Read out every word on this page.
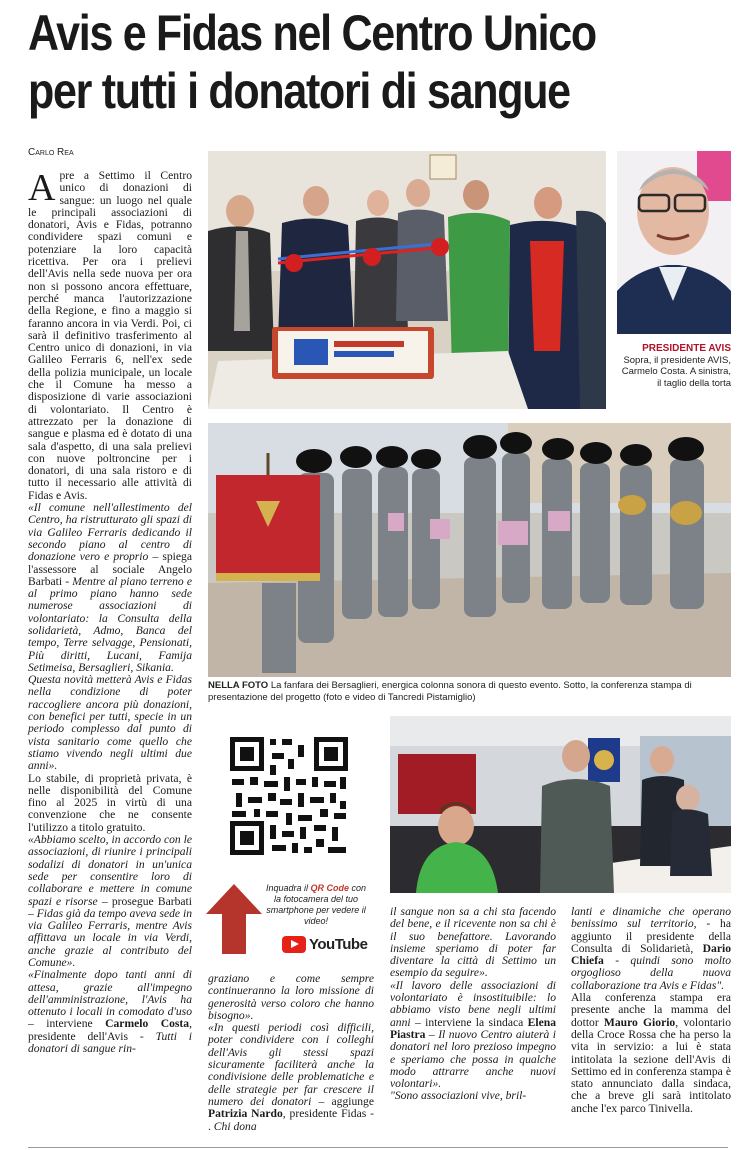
Avis e Fidas nel Centro Unico
per tutti i donatori di sangue
Carlo Rea
PRESIDENTE AVIS
Sopra, il presidente AVIS, Carmelo Costa. A sinistra, il taglio della torta
NELLA FOTO La fanfara dei Bersaglieri, energica colonna sonora di questo evento. Sotto, la conferenza stampa di presentazione del progetto (foto e video di Tancredi Pistamiglio)
Inquadra il QR Code con la fotocamera del tuo smartphone per vedere il video!
YouTube

Apre a Settimo il Centro unico di donazioni di sangue: un luogo nel quale le principali associazioni di donatori, Avis e Fidas, potranno condividere spazi comuni e potenziare la loro capacità ricettiva. Per ora i prelievi dell'Avis nella sede nuova per ora non si possono ancora effettuare, perché manca l'autorizzazione della Regione, e fino a maggio si faranno ancora in via Verdi. Poi, ci sarà il definitivo trasferimento al Centro unico di donazioni, in via Galileo Ferraris 6, nell'ex sede della polizia municipale, un locale che il Comune ha messo a disposizione di varie associazioni di volontariato. Il Centro è attrezzato per la donazione di sangue e plasma ed è dotato di una sala d'aspetto, di una sala prelievi con nuove poltroncine per i donatori, di una sala ristoro e di tutto il necessario alle attività di Fidas e Avis.

«Il comune nell'allestimento del Centro, ha ristrutturato gli spazi di via Galileo Ferraris dedicando il secondo piano al centro di donazione vero e proprio – spiega l'assessore al sociale Angelo Barbati - Mentre al piano terreno e al primo piano hanno sede numerose associazioni di volontariato: la Consulta della solidarietà, Admo, Banca del tempo, Terre selvagge, Pensionati, Più diritti, Lucani, Famija Setimeisa, Bersaglieri, Sikania.

Questa novità metterà Avis e Fidas nella condizione di poter raccogliere ancora più donazioni, con benefici per tutti, specie in un periodo complesso dal punto di vista sanitario come quello che stiamo vivendo negli ultimi due anni».

Lo stabile, di proprietà privata, è nelle disponibilità del Comune fino al 2025 in virtù di una convenzione che ne consente l'utilizzo a titolo gratuito.

«Abbiamo scelto, in accordo con le associazioni, di riunire i principali sodalizi di donatori in un'unica sede per consentire loro di collaborare e mettere in comune spazi e risorse – prosegue Barbati – Fidas già da tempo aveva sede in via Galileo Ferraris, mentre Avis affittava un locale in via Verdi, anche grazie al contributo del Comune».

«Finalmente dopo tanti anni di attesa, grazie all'impegno dell'amministrazione, l'Avis ha ottenuto i locali in comodato d'uso – interviene Carmelo Costa, presidente dell'Avis - Tutti i donatori di sangue rin-

graziano e come sempre continueranno la loro missione di generosità verso coloro che hanno bisogno».

«In questi periodi così difficili, poter condividere con i colleghi dell'Avis gli stessi spazi sicuramente faciliterà anche la condivisione delle problematiche e delle strategie per far crescere il numero dei donatori – aggiunge Patrizia Nardo, presidente Fidas - . Chi dona

il sangue non sa a chi sta facendo del bene, e il ricevente non sa chi è il suo benefattore. Lavorando insieme speriamo di poter far diventare la città di Settimo un esempio da seguire».

«Il lavoro delle associazioni di volontariato è insostituibile: lo abbiamo visto bene negli ultimi anni – interviene la sindaca Elena Piastra – Il nuovo Centro aiuterà i donatori nel loro prezioso impegno e speriamo che possa in qualche modo attrarre anche nuovi volontari».

"Sono associazioni vive, bril-

lanti e dinamiche che operano benissimo sul territorio, - ha aggiunto il presidente della Consulta di Solidarietà, Dario Chiefa - quindi sono molto orgoglioso della nuova collaborazione tra Avis e Fidas".

Alla conferenza stampa era presente anche la mamma del dottor Mauro Giorio, volontario della Croce Rossa che ha perso la vita in servizio: a lui è stata intitolata la sezione dell'Avis di Settimo ed in conferenza stampa è stato annunciato dalla sindaca, che a breve gli sarà intitolato anche l'ex parco Tinivella.
